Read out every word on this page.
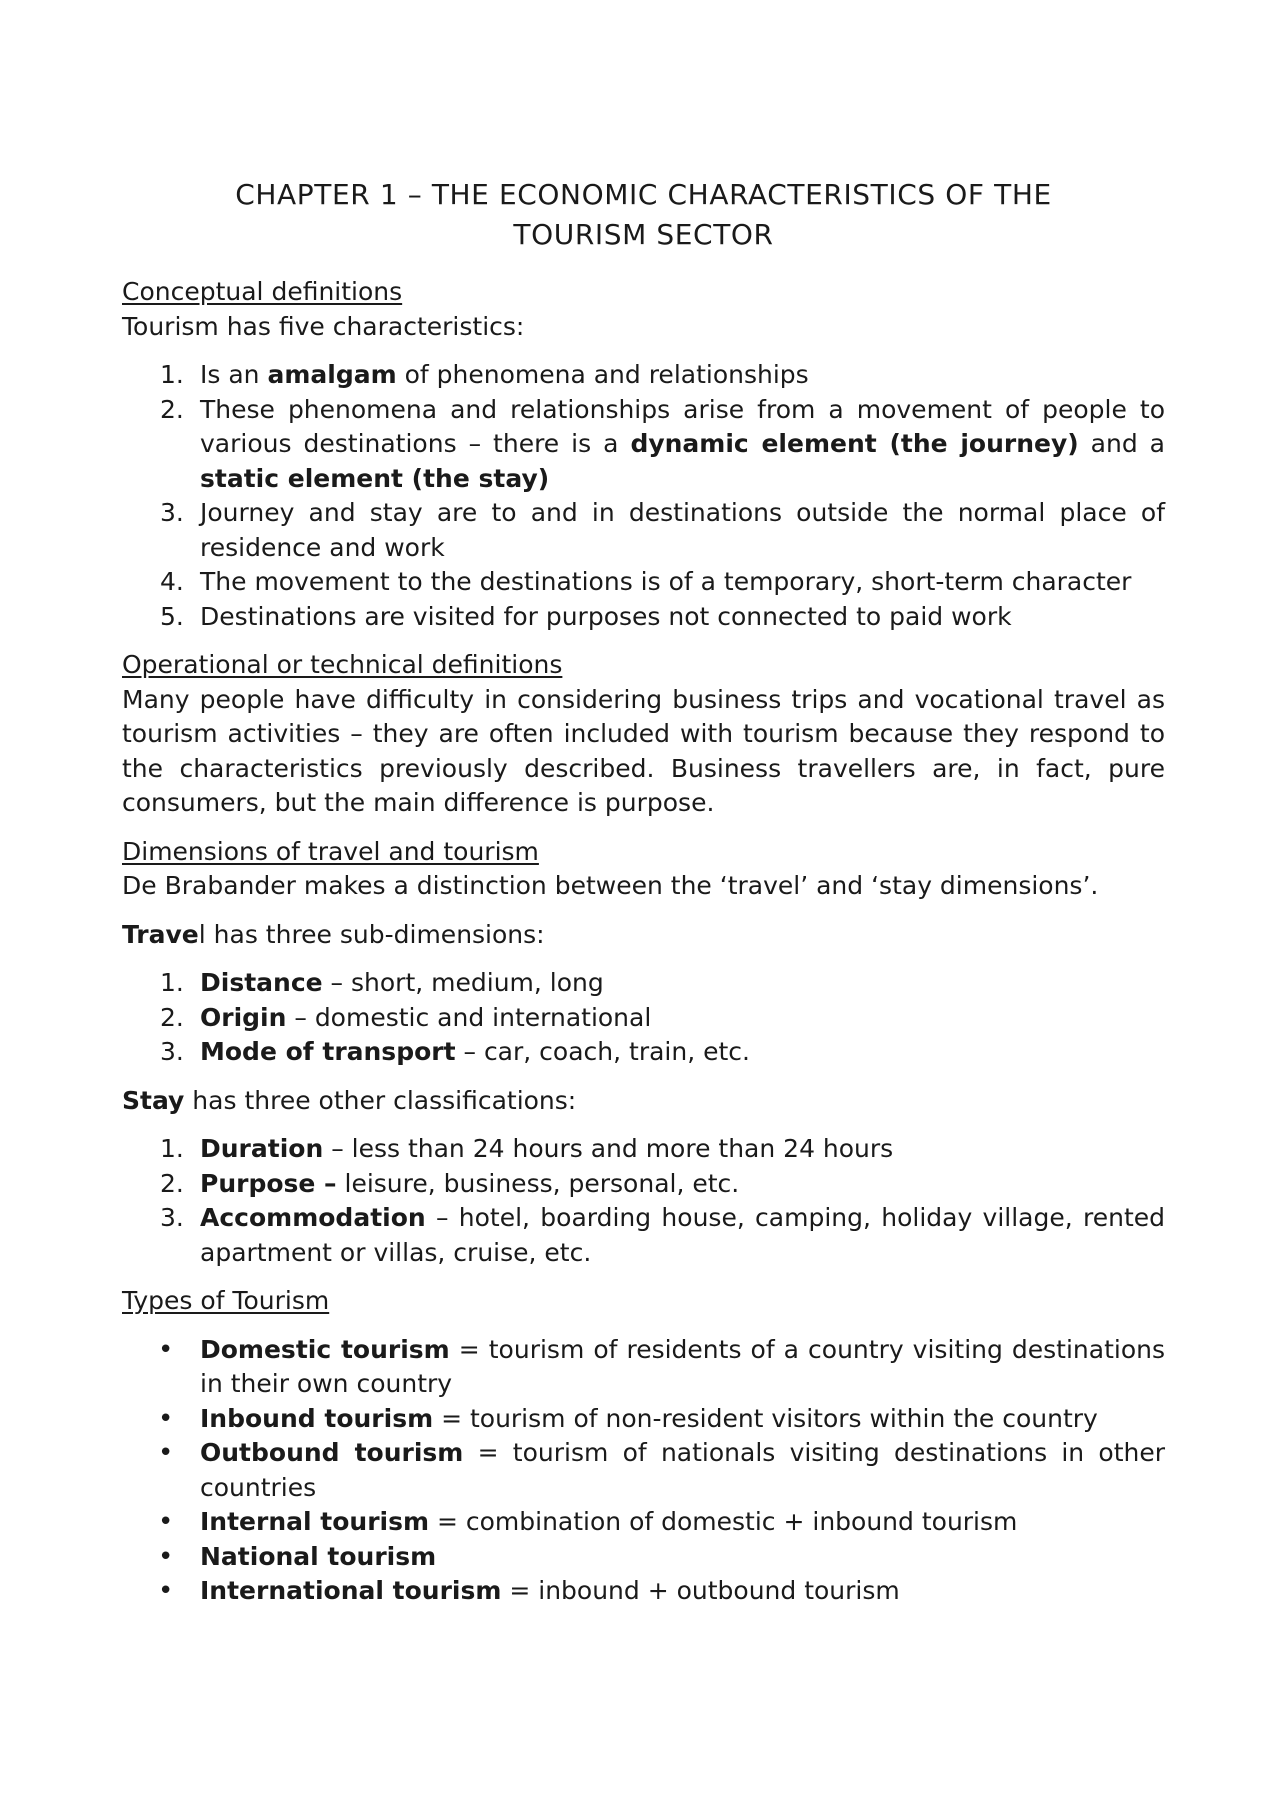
CHAPTER 1 – THE ECONOMIC CHARACTERISTICS OF THE
TOURISM SECTOR

Conceptual definitions

Tourism has five characteristics:

1. Is an amalgam of phenomena and relationships
2. These phenomena and relationships arise from a movement of people to various destinations – there is a dynamic element (the journey) and a static element (the stay)
3. Journey and stay are to and in destinations outside the normal place of residence and work
4. The movement to the destinations is of a temporary, short-term character
5. Destinations are visited for purposes not connected to paid work

Operational or technical definitions

Many people have difficulty in considering business trips and vocational travel as tourism activities – they are often included with tourism because they respond to the characteristics previously described. Business travellers are, in fact, pure consumers, but the main difference is purpose.

Dimensions of travel and tourism

De Brabander makes a distinction between the ‘travel’ and ‘stay dimensions’.

Travel has three sub-dimensions:

1. Distance – short, medium, long
2. Origin – domestic and international
3. Mode of transport – car, coach, train, etc.

Stay has three other classifications:

1. Duration – less than 24 hours and more than 24 hours
2. Purpose – leisure, business, personal, etc.
3. Accommodation – hotel, boarding house, camping, holiday village, rented apartment or villas, cruise, etc.

Types of Tourism

•	Domestic tourism = tourism of residents of a country visiting destinations in their own country
•	Inbound tourism = tourism of non-resident visitors within the country
•	Outbound tourism = tourism of nationals visiting destinations in other countries
•	Internal tourism = combination of domestic + inbound tourism
•	National tourism
•	International tourism = inbound + outbound tourism
